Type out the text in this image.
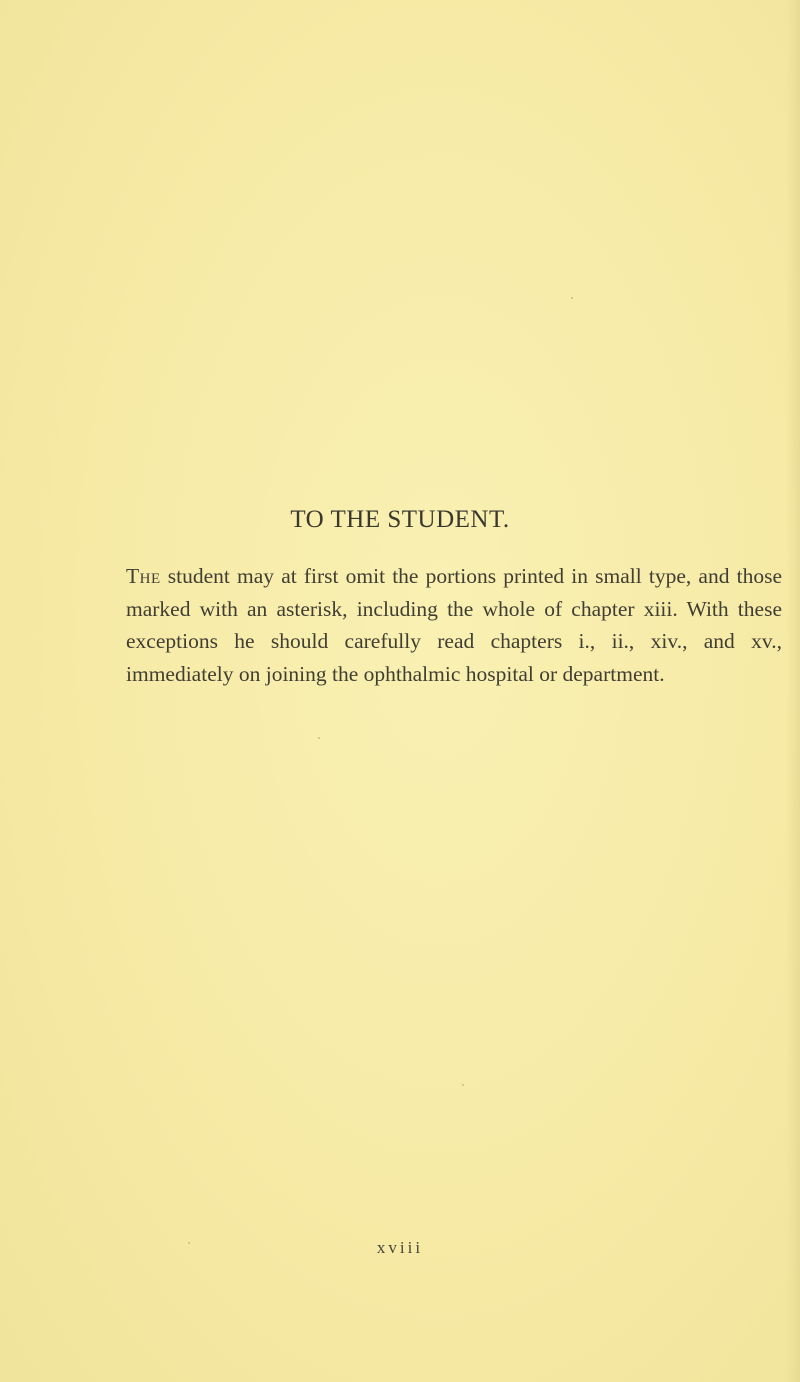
TO THE STUDENT.

The student may at first omit the portions printed in small type, and those marked with an asterisk, including the whole of chapter xiii. With these exceptions he should carefully read chapters i., ii., xiv., and xv., immediately on joining the ophthalmic hospital or department.

xviii
